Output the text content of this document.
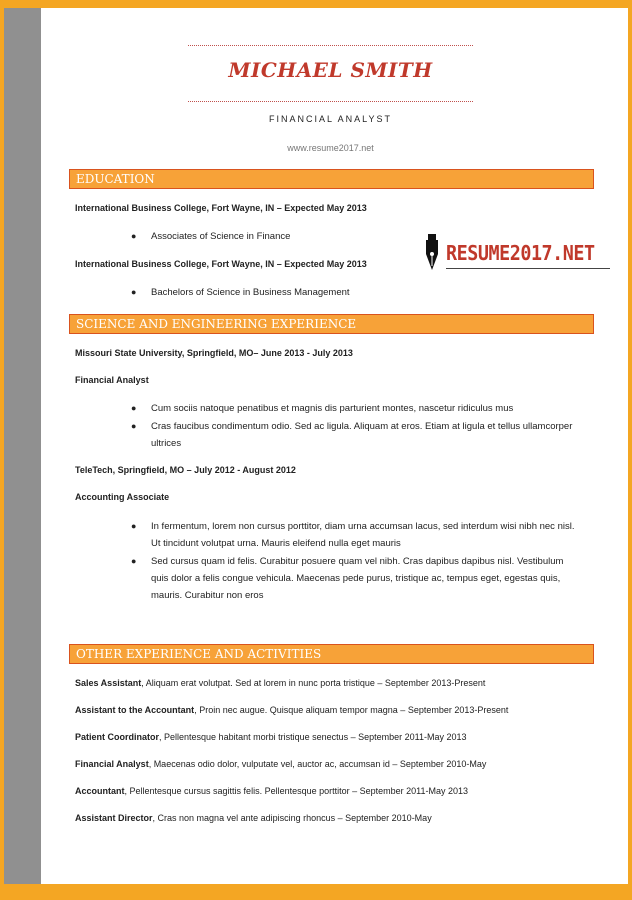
MICHAEL SMITH
FINANCIAL ANALYST
www.resume2017.net
EDUCATION
International Business College, Fort Wayne, IN – Expected May 2013
● Associates of Science in Finance
International Business College, Fort Wayne, IN – Expected May 2013
● Bachelors of Science in Business Management
RESUME2017.NET
SCIENCE AND ENGINEERING EXPERIENCE
Missouri State University, Springfield, MO– June 2013 - July 2013
Financial Analyst
● Cum sociis natoque penatibus et magnis dis parturient montes, nascetur ridiculus mus
● Cras faucibus condimentum odio. Sed ac ligula. Aliquam at eros. Etiam at ligula et tellus ullamcorper ultrices
TeleTech, Springfield, MO – July 2012 - August 2012
Accounting Associate
● In fermentum, lorem non cursus porttitor, diam urna accumsan lacus, sed interdum wisi nibh nec nisl. Ut tincidunt volutpat urna. Mauris eleifend nulla eget mauris
● Sed cursus quam id felis. Curabitur posuere quam vel nibh. Cras dapibus dapibus nisl. Vestibulum quis dolor a felis congue vehicula. Maecenas pede purus, tristique ac, tempus eget, egestas quis, mauris. Curabitur non eros
OTHER EXPERIENCE AND ACTIVITIES
Sales Assistant, Aliquam erat volutpat. Sed at lorem in nunc porta tristique – September 2013-Present
Assistant to the Accountant, Proin nec augue. Quisque aliquam tempor magna – September 2013-Present
Patient Coordinator, Pellentesque habitant morbi tristique senectus – September 2011-May 2013
Financial Analyst, Maecenas odio dolor, vulputate vel, auctor ac, accumsan id – September 2010-May
Accountant, Pellentesque cursus sagittis felis. Pellentesque porttitor – September 2011-May 2013
Assistant Director, Cras non magna vel ante adipiscing rhoncus – September 2010-May
